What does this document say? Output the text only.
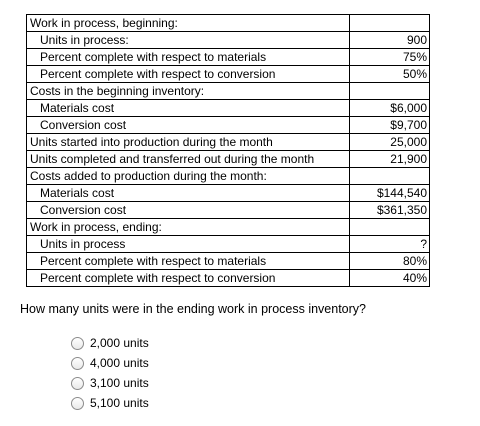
Work in process, beginning:	
Units in process:	900
Percent complete with respect to materials	75%
Percent complete with respect to conversion	50%
Costs in the beginning inventory:	
Materials cost	$6,000
Conversion cost	$9,700
Units started into production during the month	25,000
Units completed and transferred out during the month	21,900
Costs added to production during the month:	
Materials cost	$144,540
Conversion cost	$361,350
Work in process, ending:	
Units in process	?
Percent complete with respect to materials	80%
Percent complete with respect to conversion	40%
How many units were in the ending work in process inventory?
2,000 units
4,000 units
3,100 units
5,100 units
